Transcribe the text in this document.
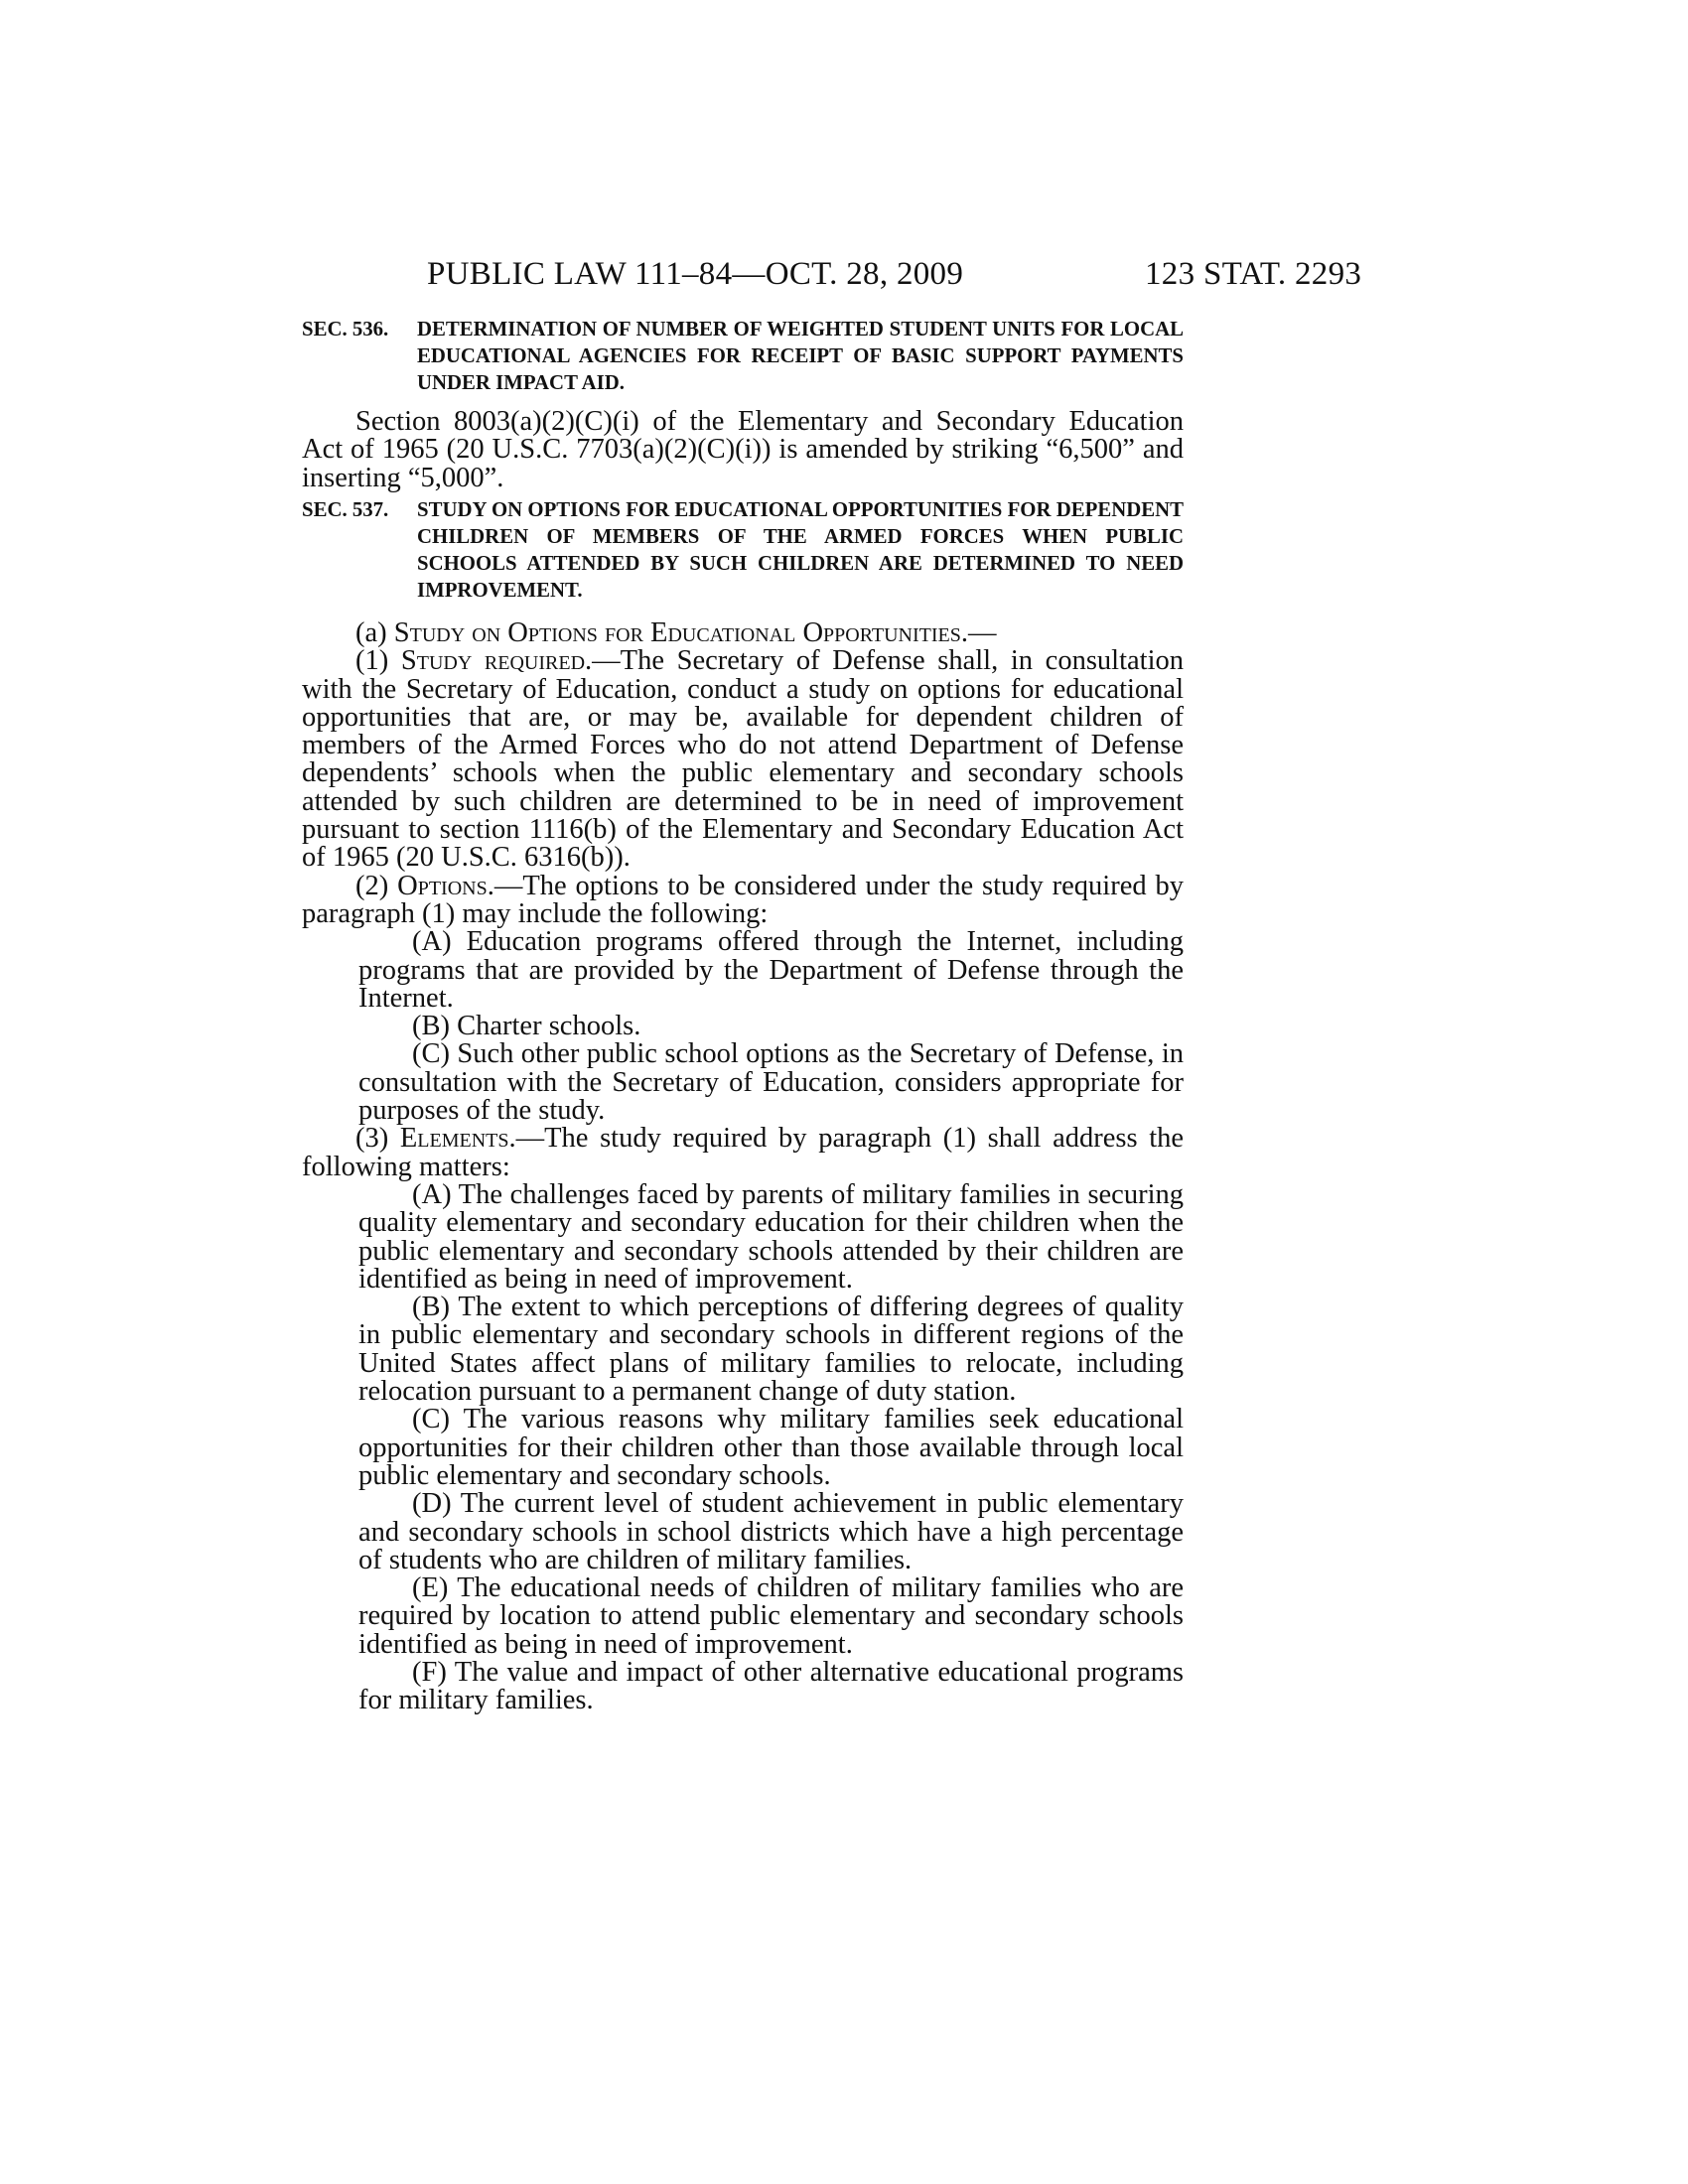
PUBLIC LAW 111–84—OCT. 28, 2009	123 STAT. 2293
SEC. 536. DETERMINATION OF NUMBER OF WEIGHTED STUDENT UNITS FOR LOCAL EDUCATIONAL AGENCIES FOR RECEIPT OF BASIC SUPPORT PAYMENTS UNDER IMPACT AID.

Section 8003(a)(2)(C)(i) of the Elementary and Secondary Education Act of 1965 (20 U.S.C. 7703(a)(2)(C)(i)) is amended by striking “6,500” and inserting “5,000”.

SEC. 537. STUDY ON OPTIONS FOR EDUCATIONAL OPPORTUNITIES FOR DEPENDENT CHILDREN OF MEMBERS OF THE ARMED FORCES WHEN PUBLIC SCHOOLS ATTENDED BY SUCH CHILDREN ARE DETERMINED TO NEED IMPROVEMENT.

(a) Study on Options for Educational Opportunities.—

(1) Study required.—The Secretary of Defense shall, in consultation with the Secretary of Education, conduct a study on options for educational opportunities that are, or may be, available for dependent children of members of the Armed Forces who do not attend Department of Defense dependents’ schools when the public elementary and secondary schools attended by such children are determined to be in need of improvement pursuant to section 1116(b) of the Elementary and Secondary Education Act of 1965 (20 U.S.C. 6316(b)).

(2) Options.—The options to be considered under the study required by paragraph (1) may include the following:

(A) Education programs offered through the Internet, including programs that are provided by the Department of Defense through the Internet.

(B) Charter schools.

(C) Such other public school options as the Secretary of Defense, in consultation with the Secretary of Education, considers appropriate for purposes of the study.

(3) Elements.—The study required by paragraph (1) shall address the following matters:

(A) The challenges faced by parents of military families in securing quality elementary and secondary education for their children when the public elementary and secondary schools attended by their children are identified as being in need of improvement.

(B) The extent to which perceptions of differing degrees of quality in public elementary and secondary schools in different regions of the United States affect plans of military families to relocate, including relocation pursuant to a permanent change of duty station.

(C) The various reasons why military families seek educational opportunities for their children other than those available through local public elementary and secondary schools.

(D) The current level of student achievement in public elementary and secondary schools in school districts which have a high percentage of students who are children of military families.

(E) The educational needs of children of military families who are required by location to attend public elementary and secondary schools identified as being in need of improvement.

(F) The value and impact of other alternative educational programs for military families.
